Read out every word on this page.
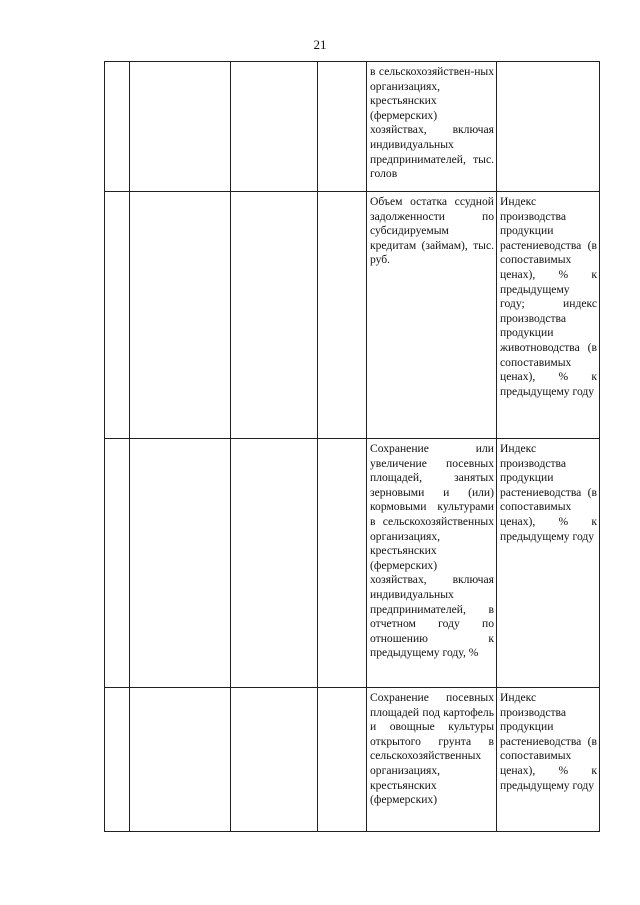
21
				в сельскохозяйствен-ных организациях, крестьянских (фермерских) хозяйствах, включая индивидуальных предпринимателей, тыс. голов	
				Объем остатка ссудной задолженности по субсидируемым кредитам (займам), тыс. руб.	Индекс производства продукции растениеводства (в сопоставимых ценах), % к предыдущему году; индекс производства продукции животноводства (в сопоставимых ценах), % к предыдущему году
				Сохранение или увеличение посевных площадей, занятых зерновыми и (или) кормовыми культурами в сельскохозяйственных организациях, крестьянских (фермерских) хозяйствах, включая индивидуальных предпринимателей, в отчетном году по отношению к предыдущему году, %	Индекс производства продукции растениеводства (в сопоставимых ценах), % к предыдущему году
				Сохранение посевных площадей под картофель и овощные культуры открытого грунта в сельскохозяйственных организациях, крестьянских (фермерских)	Индекс производства продукции растениеводства (в сопоставимых ценах), % к предыдущему году
